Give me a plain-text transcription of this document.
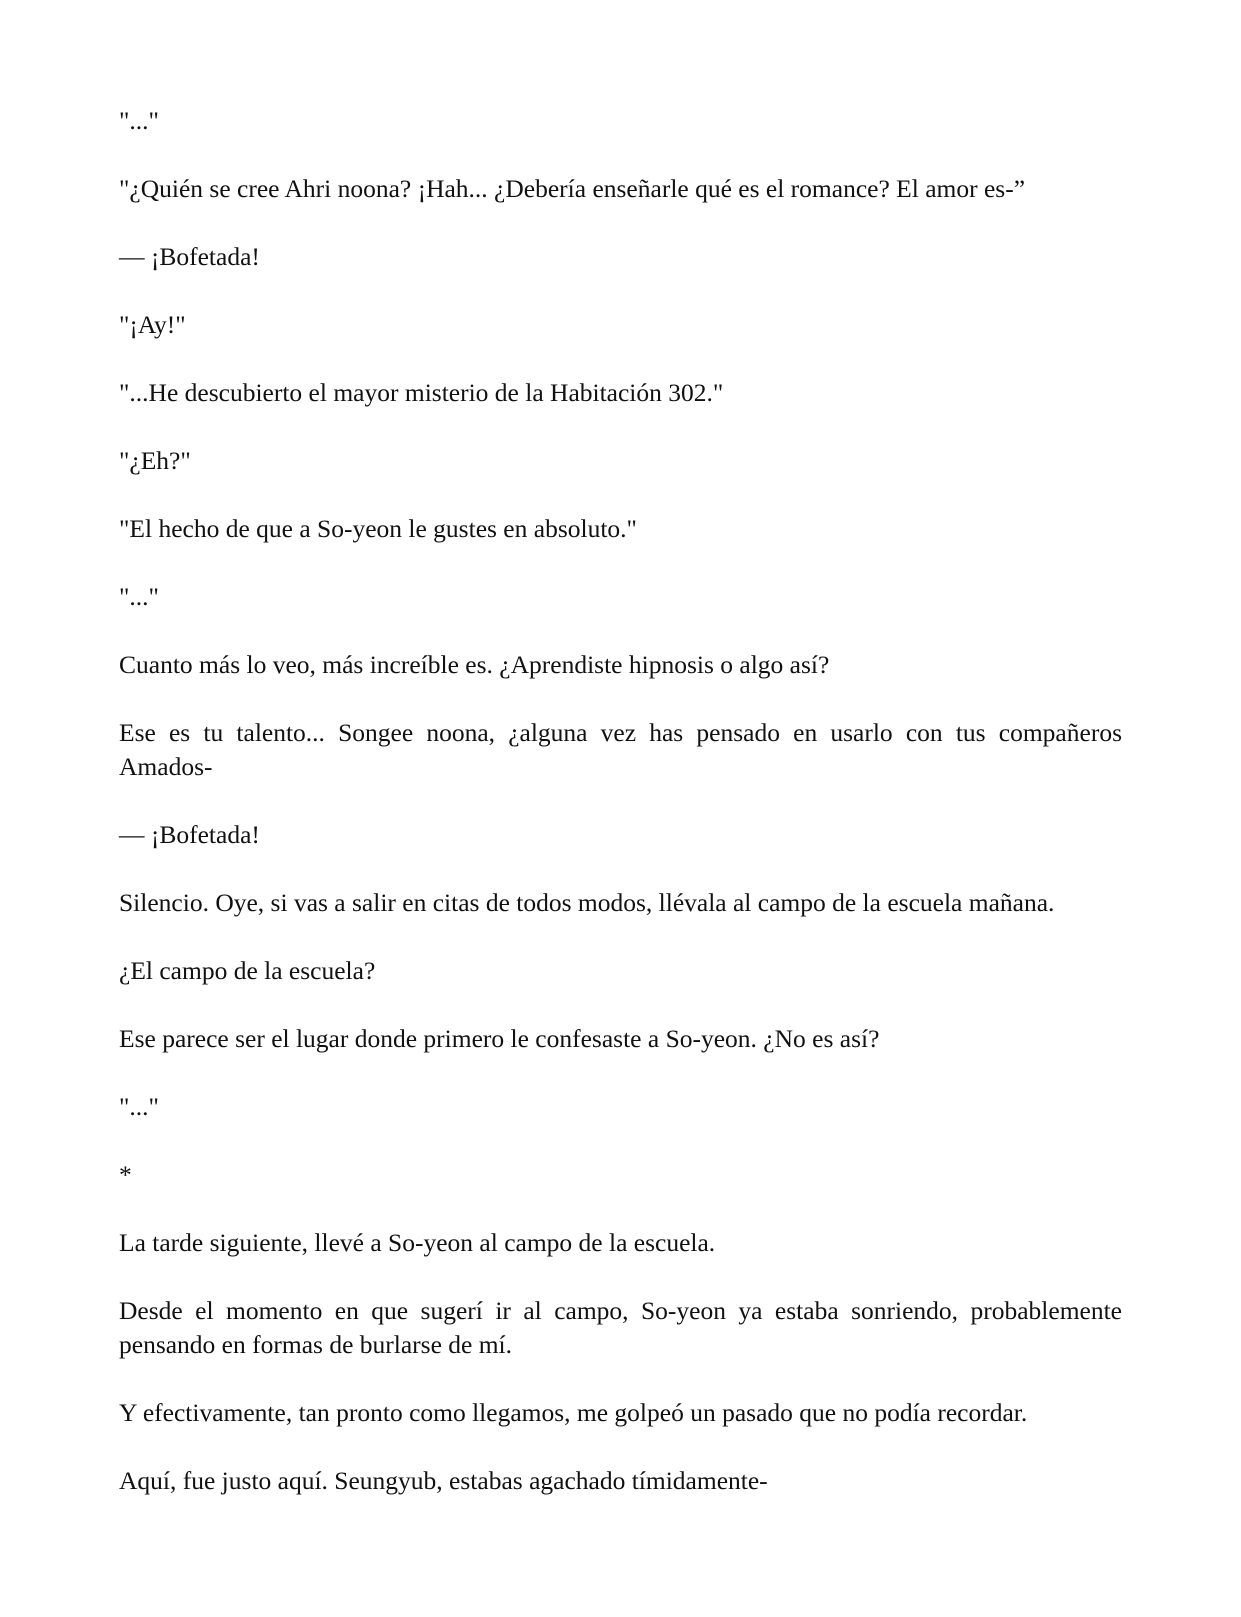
"..."

"¿Quién se cree Ahri noona? ¡Hah... ¿Debería enseñarle qué es el romance? El amor es-”

— ¡Bofetada!

"¡Ay!"

"...He descubierto el mayor misterio de la Habitación 302."

"¿Eh?"

"El hecho de que a So-yeon le gustes en absoluto."

"..."

Cuanto más lo veo, más increíble es. ¿Aprendiste hipnosis o algo así?

Ese es tu talento... Songee noona, ¿alguna vez has pensado en usarlo con tus compañeros Amados-

— ¡Bofetada!

Silencio. Oye, si vas a salir en citas de todos modos, llévala al campo de la escuela mañana.

¿El campo de la escuela?

Ese parece ser el lugar donde primero le confesaste a So-yeon. ¿No es así?

"..."

*

La tarde siguiente, llevé a So-yeon al campo de la escuela.

Desde el momento en que sugerí ir al campo, So-yeon ya estaba sonriendo, probablemente pensando en formas de burlarse de mí.

Y efectivamente, tan pronto como llegamos, me golpeó un pasado que no podía recordar.

Aquí, fue justo aquí. Seungyub, estabas agachado tímidamente-
